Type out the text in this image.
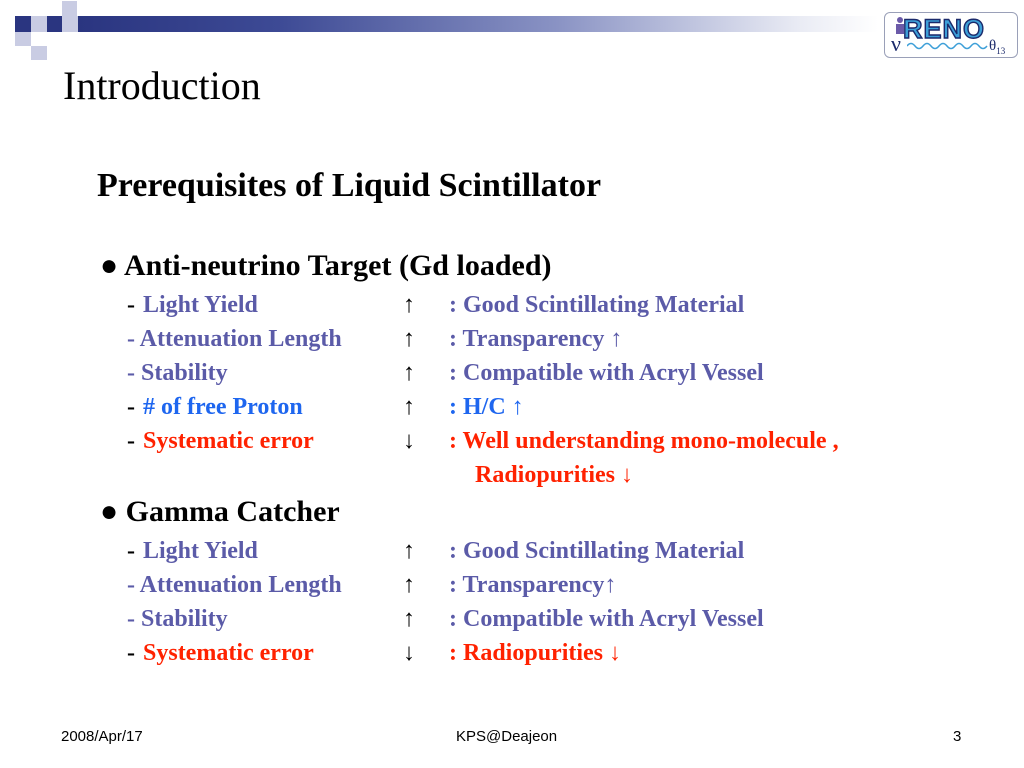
RENO
ν	$\theta_{13}$
Introduction
Prerequisites of Liquid Scintillator
● Anti-neutrino Target (Gd loaded)
- Light Yield	↑ : Good Scintillating Material
- Attenuation Length	↑ : Transparency ↑
- Stability	↑ : Compatible with Acryl Vessel
- # of free Proton	↑ : H/C ↑
- Systematic error	↓ : Well understanding mono-molecule ,
Radiopurities ↓
● Gamma Catcher
- Light Yield	↑ : Good Scintillating Material
- Attenuation Length	↑ : Transparency↑
- Stability	↑ : Compatible with Acryl Vessel
- Systematic error	↓ : Radiopurities ↓
2008/Apr/17	KPS@Deajeon	3
